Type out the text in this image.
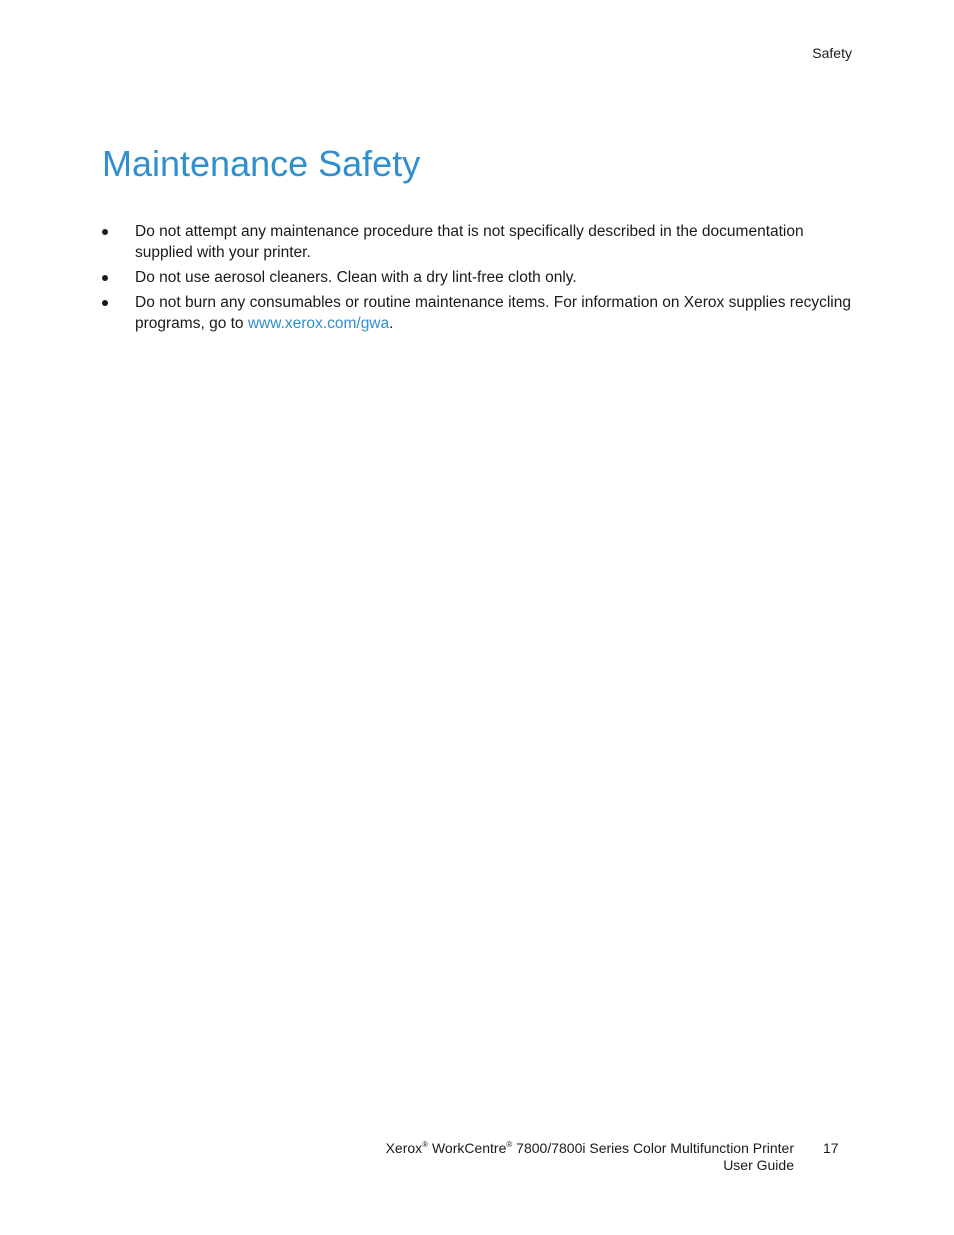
Safety
Maintenance Safety
Do not attempt any maintenance procedure that is not specifically described in the documentation supplied with your printer.
Do not use aerosol cleaners. Clean with a dry lint-free cloth only.
Do not burn any consumables or routine maintenance items. For information on Xerox supplies recycling programs, go to www.xerox.com/gwa.
Xerox® WorkCentre® 7800/7800i Series Color Multifunction Printer
User Guide
17
